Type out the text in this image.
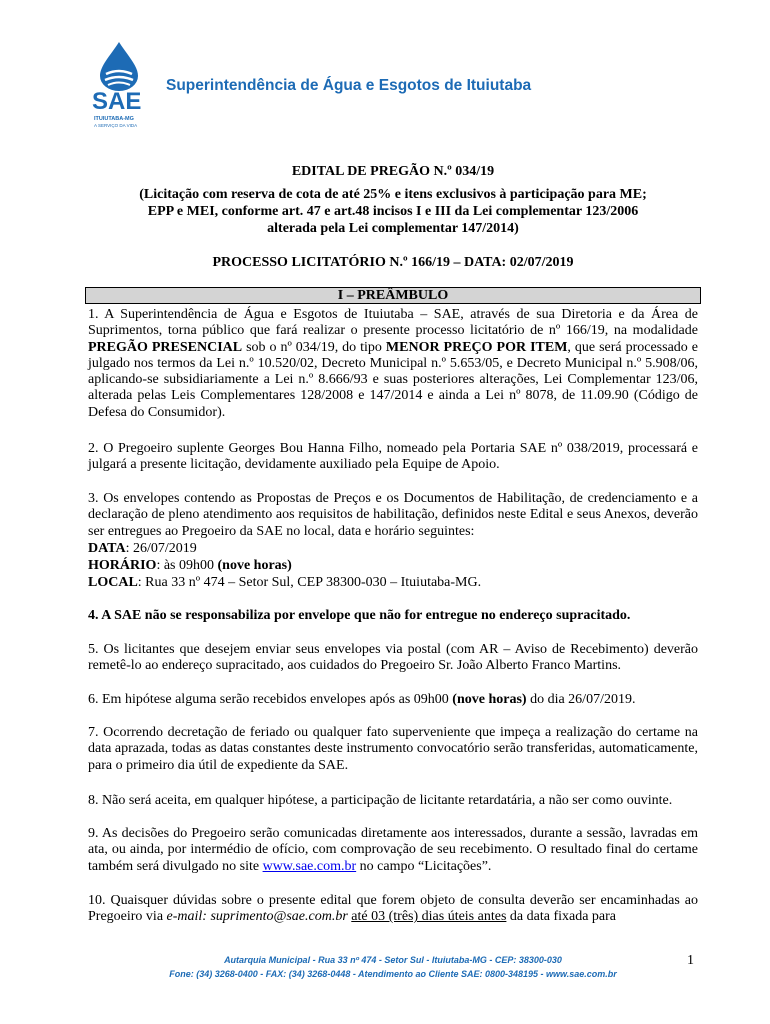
SAE
ITUIUTABA-MG
A SERVIÇO DA VIDA
Superintendência de Água e Esgotos de Ituiutaba
EDITAL DE PREGÃO N.º 034/19
(Licitação com reserva de cota de até 25% e itens exclusivos à participação para ME;
EPP e MEI, conforme art. 47 e art.48 incisos I e III da Lei complementar 123/2006
alterada pela Lei complementar 147/2014)
PROCESSO LICITATÓRIO N.º 166/19 – DATA: 02/07/2019
I – PREÂMBULO
1. A Superintendência de Água e Esgotos de Ituiutaba – SAE, através de sua Diretoria e da Área de Suprimentos, torna público que fará realizar o presente processo licitatório de nº 166/19, na modalidade PREGÃO PRESENCIAL sob o nº 034/19, do tipo MENOR PREÇO POR ITEM, que será processado e julgado nos termos da Lei n.º 10.520/02, Decreto Municipal n.º 5.653/05, e Decreto Municipal n.º 5.908/06, aplicando-se subsidiariamente a Lei n.º 8.666/93 e suas posteriores alterações, Lei Complementar 123/06, alterada pelas Leis Complementares 128/2008 e 147/2014 e ainda a Lei nº 8078, de 11.09.90 (Código de Defesa do Consumidor).
2. O Pregoeiro suplente Georges Bou Hanna Filho, nomeado pela Portaria SAE nº 038/2019, processará e julgará a presente licitação, devidamente auxiliado pela Equipe de Apoio.
3. Os envelopes contendo as Propostas de Preços e os Documentos de Habilitação, de credenciamento e a declaração de pleno atendimento aos requisitos de habilitação, definidos neste Edital e seus Anexos, deverão ser entregues ao Pregoeiro da SAE no local, data e horário seguintes:
DATA: 26/07/2019
HORÁRIO: às 09h00 (nove horas)
LOCAL: Rua 33 nº 474 – Setor Sul, CEP 38300-030 – Ituiutaba-MG.
4. A SAE não se responsabiliza por envelope que não for entregue no endereço supracitado.
5. Os licitantes que desejem enviar seus envelopes via postal (com AR – Aviso de Recebimento) deverão remetê-lo ao endereço supracitado, aos cuidados do Pregoeiro Sr. João Alberto Franco Martins.
6. Em hipótese alguma serão recebidos envelopes após as 09h00 (nove horas) do dia 26/07/2019.
7. Ocorrendo decretação de feriado ou qualquer fato superveniente que impeça a realização do certame na data aprazada, todas as datas constantes deste instrumento convocatório serão transferidas, automaticamente, para o primeiro dia útil de expediente da SAE.
8. Não será aceita, em qualquer hipótese, a participação de licitante retardatária, a não ser como ouvinte.
9. As decisões do Pregoeiro serão comunicadas diretamente aos interessados, durante a sessão, lavradas em ata, ou ainda, por intermédio de ofício, com comprovação de seu recebimento. O resultado final do certame também será divulgado no site www.sae.com.br no campo “Licitações”.
10. Quaisquer dúvidas sobre o presente edital que forem objeto de consulta deverão ser encaminhadas ao Pregoeiro via e-mail: suprimento@sae.com.br até 03 (três) dias úteis antes da data fixada para
1
Autarquia Municipal - Rua 33 nº 474 - Setor Sul - Ituiutaba-MG - CEP: 38300-030
Fone: (34) 3268-0400 - FAX: (34) 3268-0448 - Atendimento ao Cliente SAE: 0800-348195 - www.sae.com.br
